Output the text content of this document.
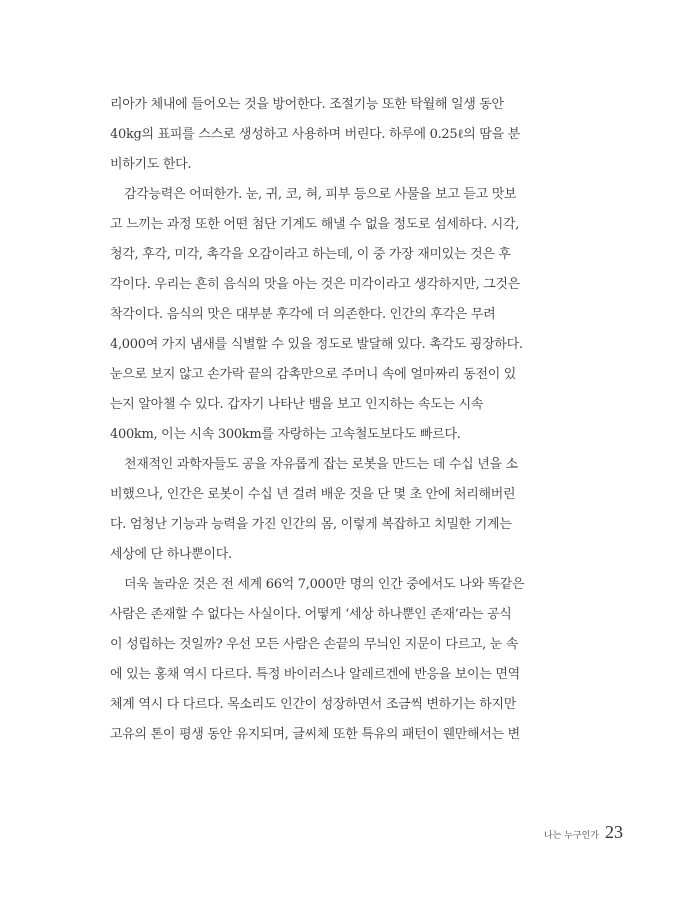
리아가 체내에 들어오는 것을 방어한다. 조절기능 또한 탁월해 일생 동안
40kg의 표피를 스스로 생성하고 사용하며 버린다. 하루에 0.25ℓ의 땀을 분
비하기도 한다.
감각능력은 어떠한가. 눈, 귀, 코, 혀, 피부 등으로 사물을 보고 듣고 맛보
고 느끼는 과정 또한 어떤 첨단 기계도 해낼 수 없을 정도로 섬세하다. 시각,
청각, 후각, 미각, 촉각을 오감이라고 하는데, 이 중 가장 재미있는 것은 후
각이다. 우리는 흔히 음식의 맛을 아는 것은 미각이라고 생각하지만, 그것은
착각이다. 음식의 맛은 대부분 후각에 더 의존한다. 인간의 후각은 무려
4,000여 가지 냄새를 식별할 수 있을 정도로 발달해 있다. 촉각도 굉장하다.
눈으로 보지 않고 손가락 끝의 감촉만으로 주머니 속에 얼마짜리 동전이 있
는지 알아챌 수 있다. 갑자기 나타난 뱀을 보고 인지하는 속도는 시속
400km, 이는 시속 300km를 자랑하는 고속철도보다도 빠르다.
천재적인 과학자들도 공을 자유롭게 잡는 로봇을 만드는 데 수십 년을 소
비했으나, 인간은 로봇이 수십 년 걸려 배운 것을 단 몇 초 안에 처리해버린
다. 엄청난 기능과 능력을 가진 인간의 몸, 이렇게 복잡하고 치밀한 기계는
세상에 단 하나뿐이다.
더욱 놀라운 것은 전 세계 66억 7,000만 명의 인간 중에서도 나와 똑같은
사람은 존재할 수 없다는 사실이다. 어떻게 ‘세상 하나뿐인 존재’라는 공식
이 성립하는 것일까? 우선 모든 사람은 손끝의 무늬인 지문이 다르고, 눈 속
에 있는 홍채 역시 다르다. 특정 바이러스나 알레르겐에 반응을 보이는 면역
체계 역시 다 다르다. 목소리도 인간이 성장하면서 조금씩 변하기는 하지만
고유의 톤이 평생 동안 유지되며, 글씨체 또한 특유의 패턴이 웬만해서는 변
나는 누구인가 23
